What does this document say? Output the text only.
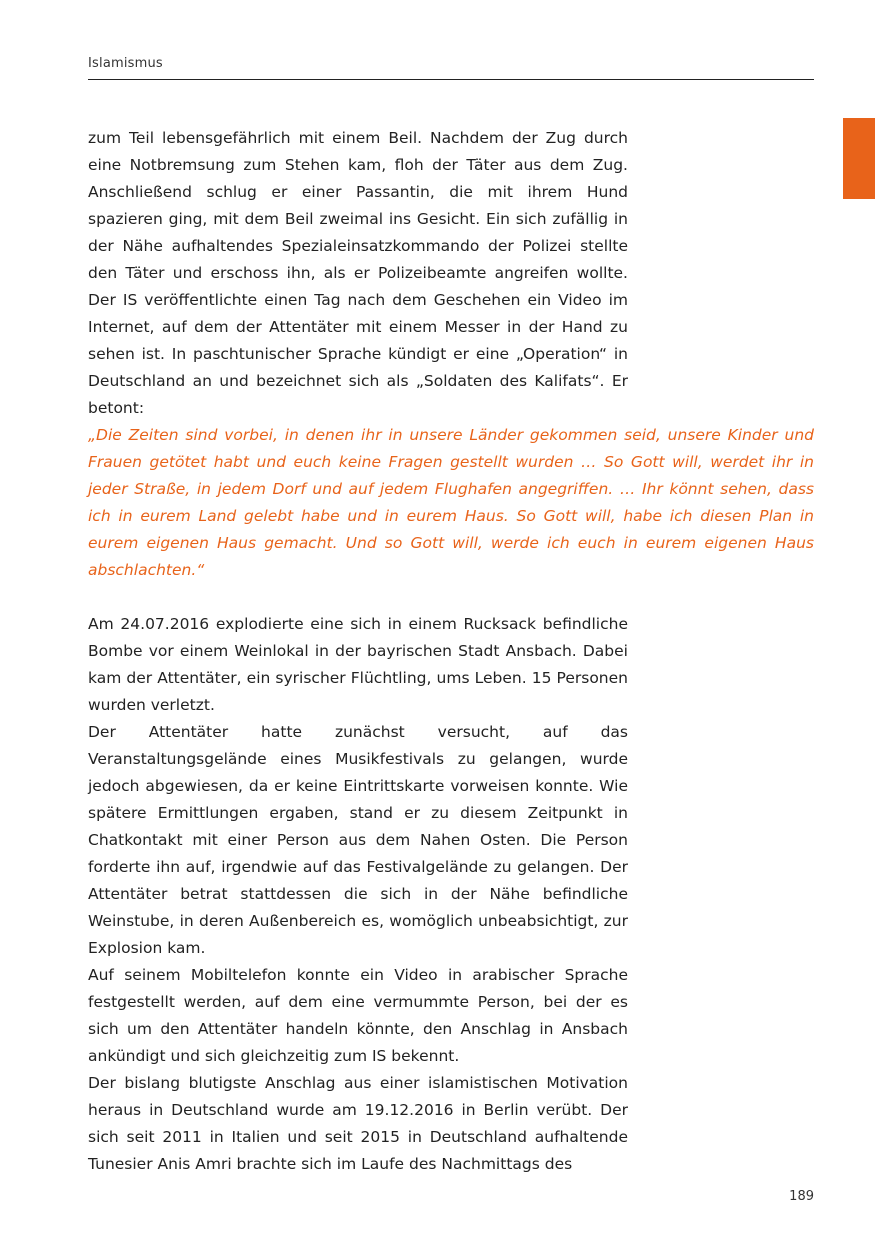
Islamismus

zum Teil lebensgefährlich mit einem Beil. Nachdem der Zug durch eine Notbremsung zum Stehen kam, floh der Täter aus dem Zug. Anschließend schlug er einer Passantin, die mit ihrem Hund spazieren ging, mit dem Beil zweimal ins Gesicht. Ein sich zufällig in der Nähe aufhaltendes Spezialeinsatzkommando der Polizei stellte den Täter und erschoss ihn, als er Polizeibeamte angreifen wollte. Der IS veröffentlichte einen Tag nach dem Geschehen ein Video im Internet, auf dem der Attentäter mit einem Messer in der Hand zu sehen ist. In paschtunischer Sprache kündigt er eine „Operation“ in Deutschland an und bezeichnet sich als „Soldaten des Kalifats“. Er betont:

„Die Zeiten sind vorbei, in denen ihr in unsere Länder gekommen seid, unsere Kinder und Frauen getötet habt und euch keine Fragen gestellt wurden … So Gott will, werdet ihr in jeder Straße, in jedem Dorf und auf jedem Flughafen angegriffen. … Ihr könnt sehen, dass ich in eurem Land gelebt habe und in eurem Haus. So Gott will, habe ich diesen Plan in eurem eigenen Haus gemacht. Und so Gott will, werde ich euch in eurem eigenen Haus abschlachten.“

Am 24.07.2016 explodierte eine sich in einem Rucksack befindliche Bombe vor einem Weinlokal in der bayrischen Stadt Ansbach. Dabei kam der Attentäter, ein syrischer Flüchtling, ums Leben. 15 Personen wurden verletzt.
Der Attentäter hatte zunächst versucht, auf das Veranstaltungsgelände eines Musikfestivals zu gelangen, wurde jedoch abgewiesen, da er keine Eintrittskarte vorweisen konnte. Wie spätere Ermittlungen ergaben, stand er zu diesem Zeitpunkt in Chatkontakt mit einer Person aus dem Nahen Osten. Die Person forderte ihn auf, irgendwie auf das Festivalgelände zu gelangen. Der Attentäter betrat stattdessen die sich in der Nähe befindliche Weinstube, in deren Außenbereich es, womöglich unbeabsichtigt, zur Explosion kam.
Auf seinem Mobiltelefon konnte ein Video in arabischer Sprache festgestellt werden, auf dem eine vermummte Person, bei der es sich um den Attentäter handeln könnte, den Anschlag in Ansbach ankündigt und sich gleichzeitig zum IS bekennt.
Der bislang blutigste Anschlag aus einer islamistischen Motivation heraus in Deutschland wurde am 19.12.2016 in Berlin verübt. Der sich seit 2011 in Italien und seit 2015 in Deutschland aufhaltende Tunesier Anis Amri brachte sich im Laufe des Nachmittags des
189
